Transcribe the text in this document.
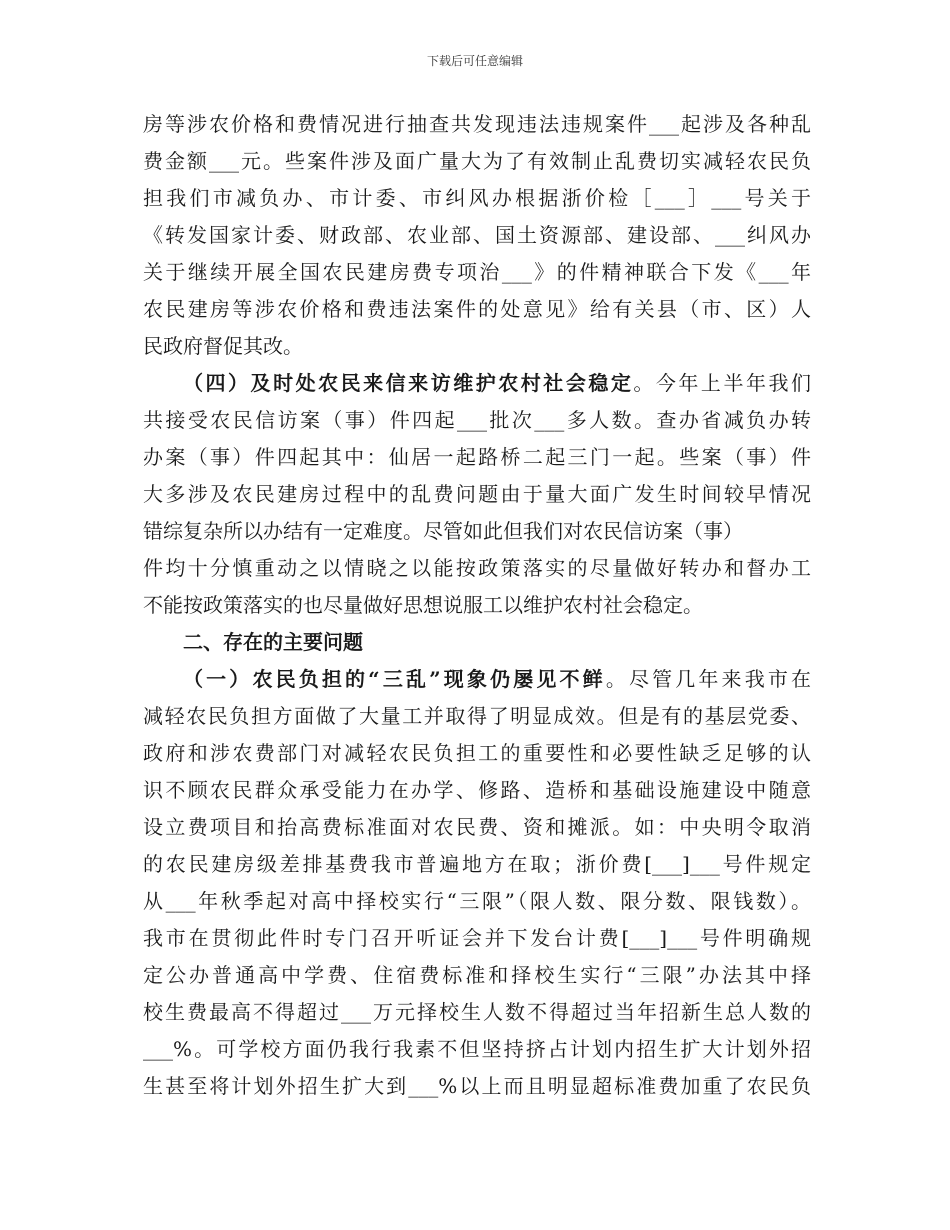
下载后可任意编辑
房等涉农价格和费情况进行抽查共发现违法违规案件___起涉及各种乱
费金额___元。些案件涉及面广量大为了有效制止乱费切实减轻农民负
担我们市减负办、市计委、市纠风办根据浙价检［___］___号关于
《转发国家计委、财政部、农业部、国土资源部、建设部、___纠风办
关于继续开展全国农民建房费专项治___》的件精神联合下发《___年
农民建房等涉农价格和费违法案件的处意见》给有关县（市、区）人
民政府督促其改。
（四）及时处农民来信来访维护农村社会稳定。今年上半年我们
共接受农民信访案（事）件四起___批次___多人数。查办省减负办转
办案（事）件四起其中：仙居一起路桥二起三门一起。些案（事）件
大多涉及农民建房过程中的乱费问题由于量大面广发生时间较早情况
错综复杂所以办结有一定难度。尽管如此但我们对农民信访案（事）
件均十分慎重动之以情晓之以能按政策落实的尽量做好转办和督办工
不能按政策落实的也尽量做好思想说服工以维护农村社会稳定。
二、存在的主要问题
（一）农民负担的“三乱”现象仍屡见不鲜。尽管几年来我市在
减轻农民负担方面做了大量工并取得了明显成效。但是有的基层党委、
政府和涉农费部门对减轻农民负担工的重要性和必要性缺乏足够的认
识不顾农民群众承受能力在办学、修路、造桥和基础设施建设中随意
设立费项目和抬高费标准面对农民费、资和摊派。如：中央明令取消
的农民建房级差排基费我市普遍地方在取；浙价费[___]___号件规定
从___年秋季起对高中择校实行“三限”（限人数、限分数、限钱数）。
我市在贯彻此件时专门召开听证会并下发台计费[___]___号件明确规
定公办普通高中学费、住宿费标准和择校生实行“三限”办法其中择
校生费最高不得超过___万元择校生人数不得超过当年招新生总人数的
___%。可学校方面仍我行我素不但坚持挤占计划内招生扩大计划外招
生甚至将计划外招生扩大到___%以上而且明显超标准费加重了农民负
